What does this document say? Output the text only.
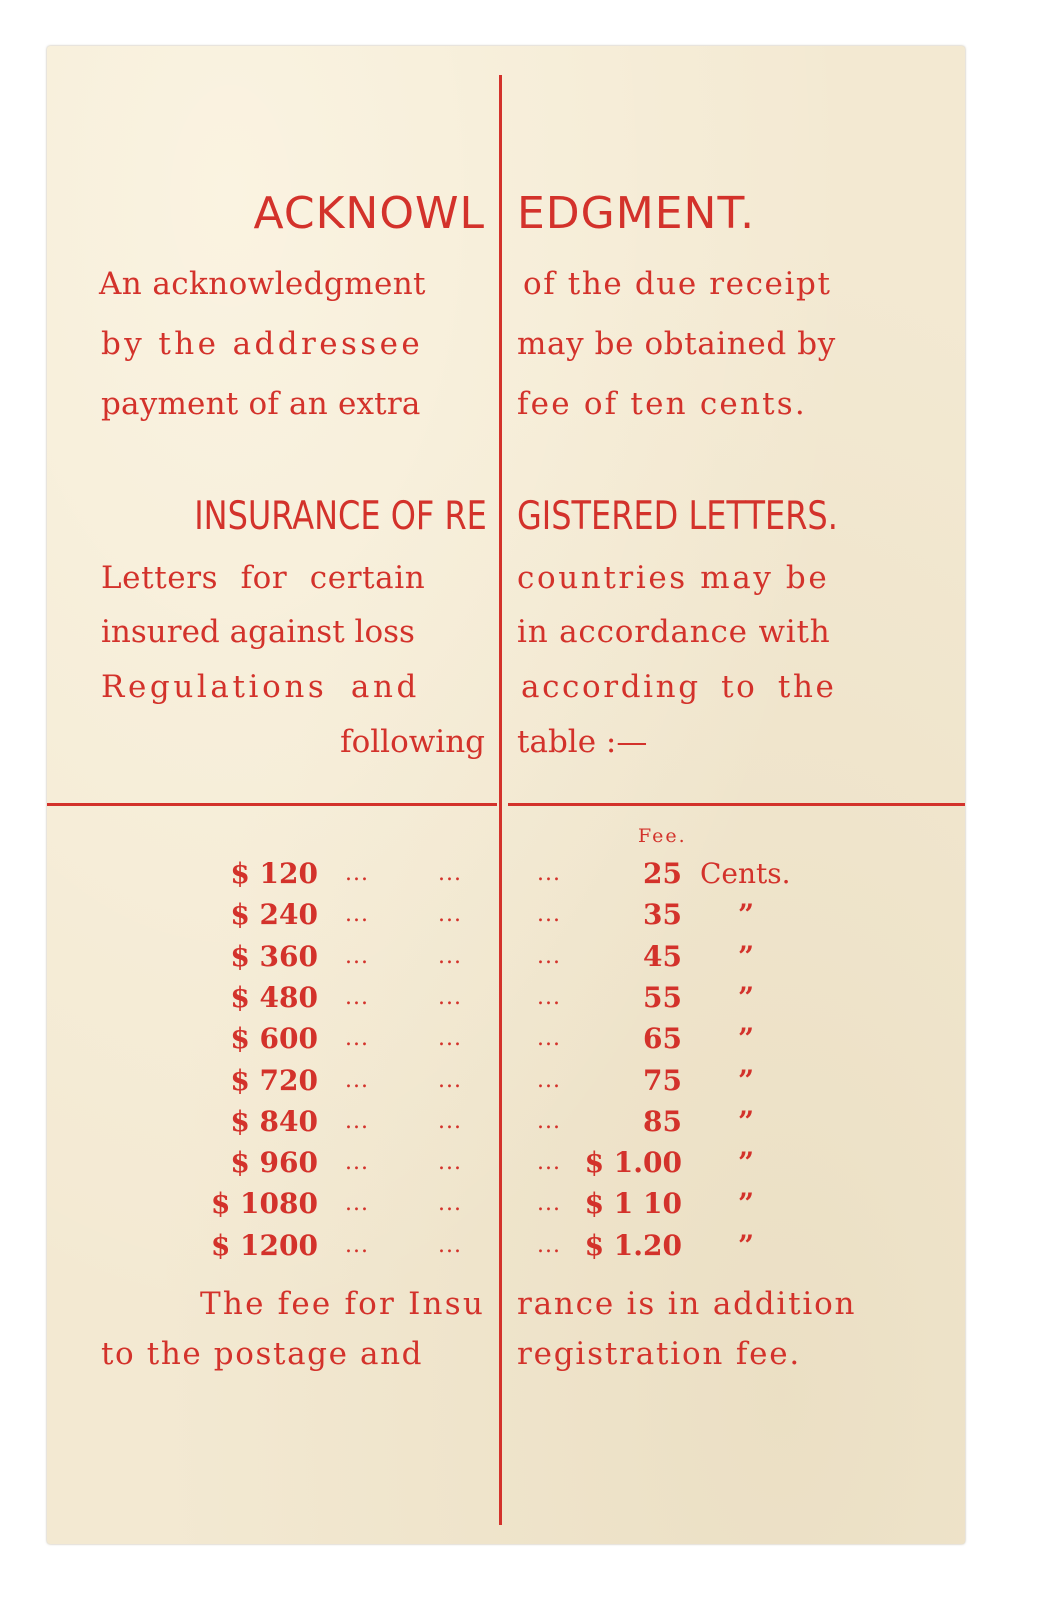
ACKNOWL EDGMENT.
An acknowledgment	of the due receipt
by the addressee	may be obtained by
payment of an extra	fee of ten cents.
INSURANCE OF RE GISTERED LETTERS.
Letters for certain	countries may be
insured against loss	in accordance with
Regulations and	according to the
following table :—
Fee.
$ 120 ...	...	...	25 Cents.
$ 240 ...	...	...	35 ”
$ 360 ...	...	...	45 ”
$ 480 ...	...	...	55 ”
$ 600 ...	...	...	65 ”
$ 720 ...	...	...	75 ”
$ 840 ...	...	...	85 ”
$ 960 ...	...	... $ 1.00 ”
$ 1080 ...	...	... $ 1 10 ”
$ 1200 ...	...	... $ 1.20 ”
The fee for Insu rance is in addition
to the postage and	registration fee.
